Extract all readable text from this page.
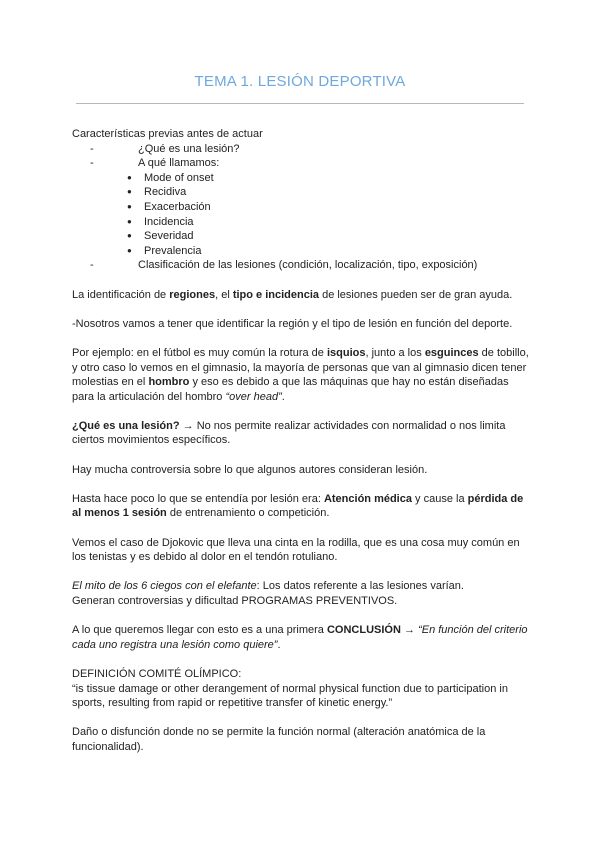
TEMA 1. LESIÓN DEPORTIVA

Características previas antes de actuar

-	¿Qué es una lesión?
-	A qué llamamos:
● Mode of onset
● Recidiva
● Exacerbación
● Incidencia
● Severidad
● Prevalencia
-	Clasificación de las lesiones (condición, localización, tipo, exposición)

La identificación de regiones, el tipo e incidencia de lesiones pueden ser de gran ayuda.

-Nosotros vamos a tener que identificar la región y el tipo de lesión en función del deporte.

Por ejemplo: en el fútbol es muy común la rotura de isquios, junto a los esguinces de tobillo, y otro caso lo vemos en el gimnasio, la mayoría de personas que van al gimnasio dicen tener molestias en el hombro y eso es debido a que las máquinas que hay no están diseñadas para la articulación del hombro “over head”.

¿Qué es una lesión? → No nos permite realizar actividades con normalidad o nos limita ciertos movimientos específicos.

Hay mucha controversia sobre lo que algunos autores consideran lesión.

Hasta hace poco lo que se entendía por lesión era: Atención médica y cause la pérdida de al menos 1 sesión de entrenamiento o competición.

Vemos el caso de Djokovic que lleva una cinta en la rodilla, que es una cosa muy común en los tenistas y es debido al dolor en el tendón rotuliano.

El mito de los 6 ciegos con el elefante: Los datos referente a las lesiones varían.
Generan controversias y dificultad PROGRAMAS PREVENTIVOS.

A lo que queremos llegar con esto es a una primera CONCLUSIÓN → “En función del criterio cada uno registra una lesión como quiere”.

DEFINICIÓN COMITÉ OLÍMPICO:
“is tissue damage or other derangement of normal physical function due to participation in sports, resulting from rapid or repetitive transfer of kinetic energy.”

Daño o disfunción donde no se permite la función normal (alteración anatómica de la funcionalidad).
